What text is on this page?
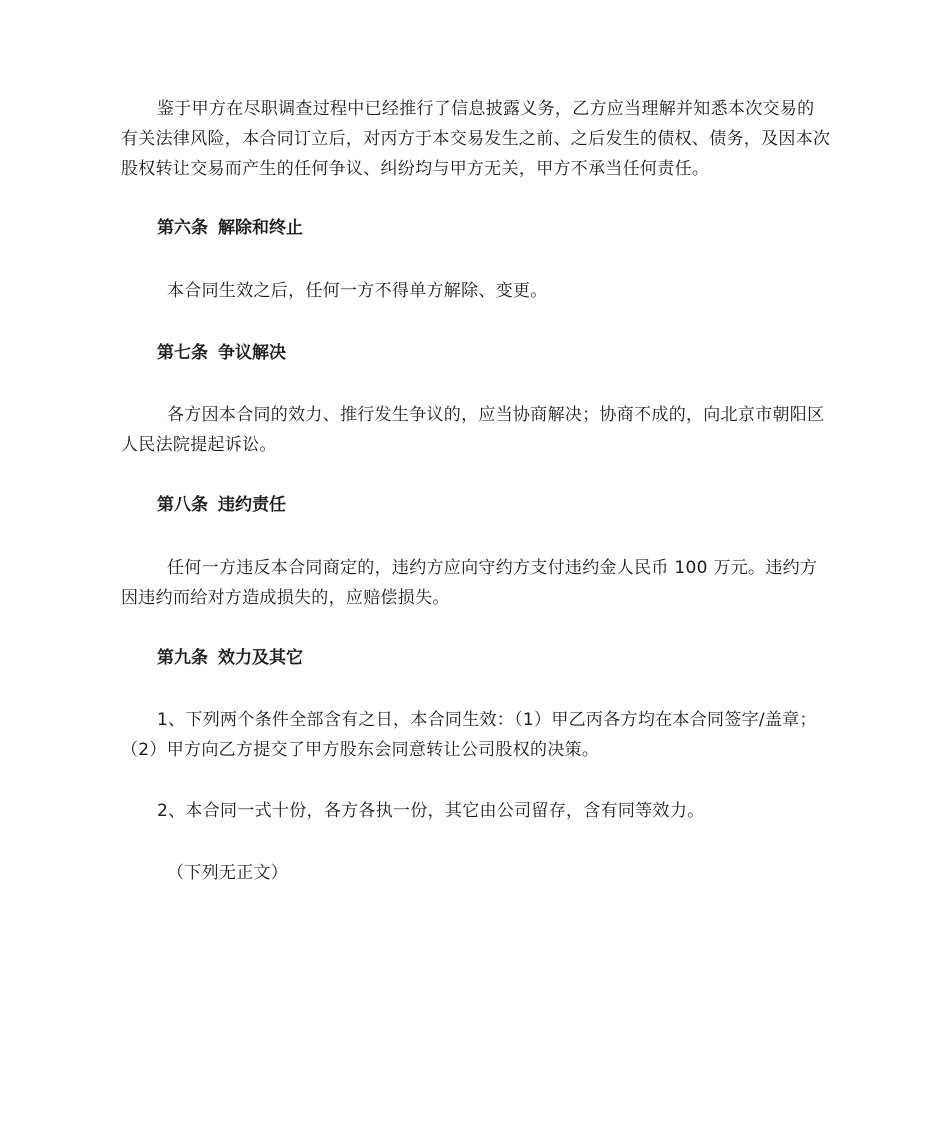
鉴于甲方在尽职调查过程中已经推行了信息披露义务，乙方应当理解并知悉本次交易的有关法律风险，本合同订立后，对丙方于本交易发生之前、之后发生的债权、债务，及因本次股权转让交易而产生的任何争议、纠纷均与甲方无关，甲方不承当任何责任。

第六条 解除和终止

本合同生效之后，任何一方不得单方解除、变更。

第七条 争议解决

各方因本合同的效力、推行发生争议的，应当协商解决；协商不成的，向北京市朝阳区人民法院提起诉讼。

第八条 违约责任

任何一方违反本合同商定的，违约方应向守约方支付违约金人民币 100 万元。违约方因违约而给对方造成损失的，应赔偿损失。

第九条 效力及其它

1、下列两个条件全部含有之日，本合同生效：（1）甲乙丙各方均在本合同签字/盖章；（2）甲方向乙方提交了甲方股东会同意转让公司股权的决策。

2、本合同一式十份，各方各执一份，其它由公司留存，含有同等效力。

（下列无正文）
